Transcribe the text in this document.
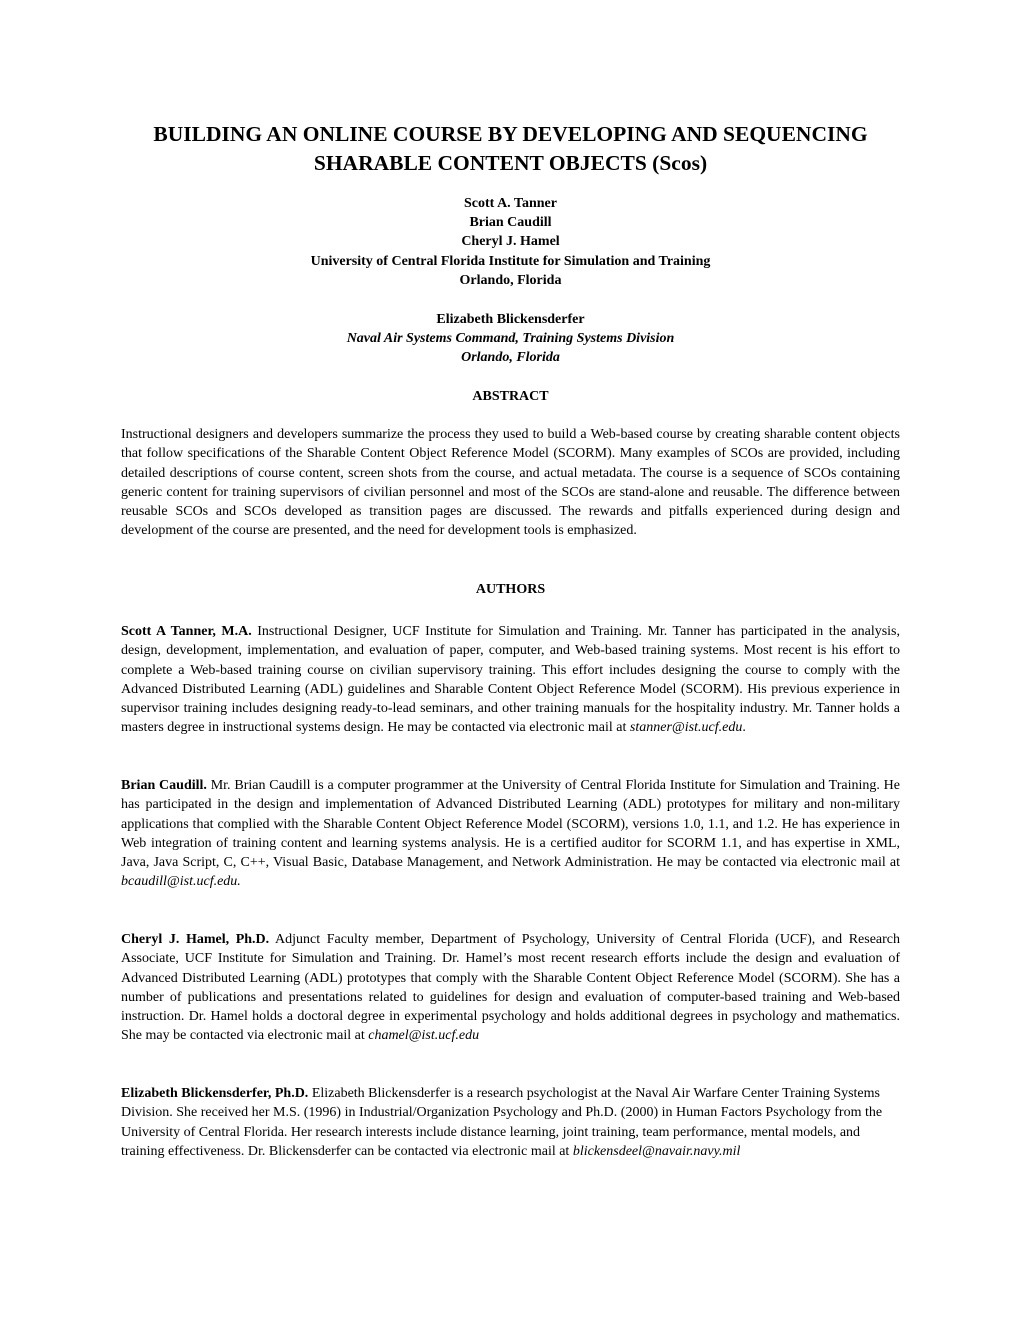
BUILDING AN ONLINE COURSE BY DEVELOPING AND SEQUENCING
SHARABLE CONTENT OBJECTS (Scos)
Scott A. Tanner
Brian Caudill
Cheryl J. Hamel
University of Central Florida Institute for Simulation and Training
Orlando, Florida
Elizabeth Blickensderfer
Naval Air Systems Command, Training Systems Division
Orlando, Florida
ABSTRACT

Instructional designers and developers summarize the process they used to build a Web-based course by creating sharable content objects that follow specifications of the Sharable Content Object Reference Model (SCORM). Many examples of SCOs are provided, including detailed descriptions of course content, screen shots from the course, and actual metadata. The course is a sequence of SCOs containing generic content for training supervisors of civilian personnel and most of the SCOs are stand-alone and reusable. The difference between reusable SCOs and SCOs developed as transition pages are discussed. The rewards and pitfalls experienced during design and development of the course are presented, and the need for development tools is emphasized.

AUTHORS

Scott A Tanner, M.A. Instructional Designer, UCF Institute for Simulation and Training. Mr. Tanner has participated in the analysis, design, development, implementation, and evaluation of paper, computer, and Web-based training systems. Most recent is his effort to complete a Web-based training course on civilian supervisory training. This effort includes designing the course to comply with the Advanced Distributed Learning (ADL) guidelines and Sharable Content Object Reference Model (SCORM). His previous experience in supervisor training includes designing ready-to-lead seminars, and other training manuals for the hospitality industry. Mr. Tanner holds a masters degree in instructional systems design. He may be contacted via electronic mail at stanner@ist.ucf.edu.

Brian Caudill. Mr. Brian Caudill is a computer programmer at the University of Central Florida Institute for Simulation and Training. He has participated in the design and implementation of Advanced Distributed Learning (ADL) prototypes for military and non-military applications that complied with the Sharable Content Object Reference Model (SCORM), versions 1.0, 1.1, and 1.2. He has experience in Web integration of training content and learning systems analysis. He is a certified auditor for SCORM 1.1, and has expertise in XML, Java, Java Script, C, C++, Visual Basic, Database Management, and Network Administration. He may be contacted via electronic mail at bcaudill@ist.ucf.edu.

Cheryl J. Hamel, Ph.D. Adjunct Faculty member, Department of Psychology, University of Central Florida (UCF), and Research Associate, UCF Institute for Simulation and Training. Dr. Hamel’s most recent research efforts include the design and evaluation of Advanced Distributed Learning (ADL) prototypes that comply with the Sharable Content Object Reference Model (SCORM). She has a number of publications and presentations related to guidelines for design and evaluation of computer-based training and Web-based instruction. Dr. Hamel holds a doctoral degree in experimental psychology and holds additional degrees in psychology and mathematics. She may be contacted via electronic mail at chamel@ist.ucf.edu

Elizabeth Blickensderfer, Ph.D. Elizabeth Blickensderfer is a research psychologist at the Naval Air Warfare Center Training Systems Division. She received her M.S. (1996) in Industrial/Organization Psychology and Ph.D. (2000) in Human Factors Psychology from the University of Central Florida. Her research interests include distance learning, joint training, team performance, mental models, and training effectiveness. Dr. Blickensderfer can be contacted via electronic mail at blickensdeel@navair.navy.mil
